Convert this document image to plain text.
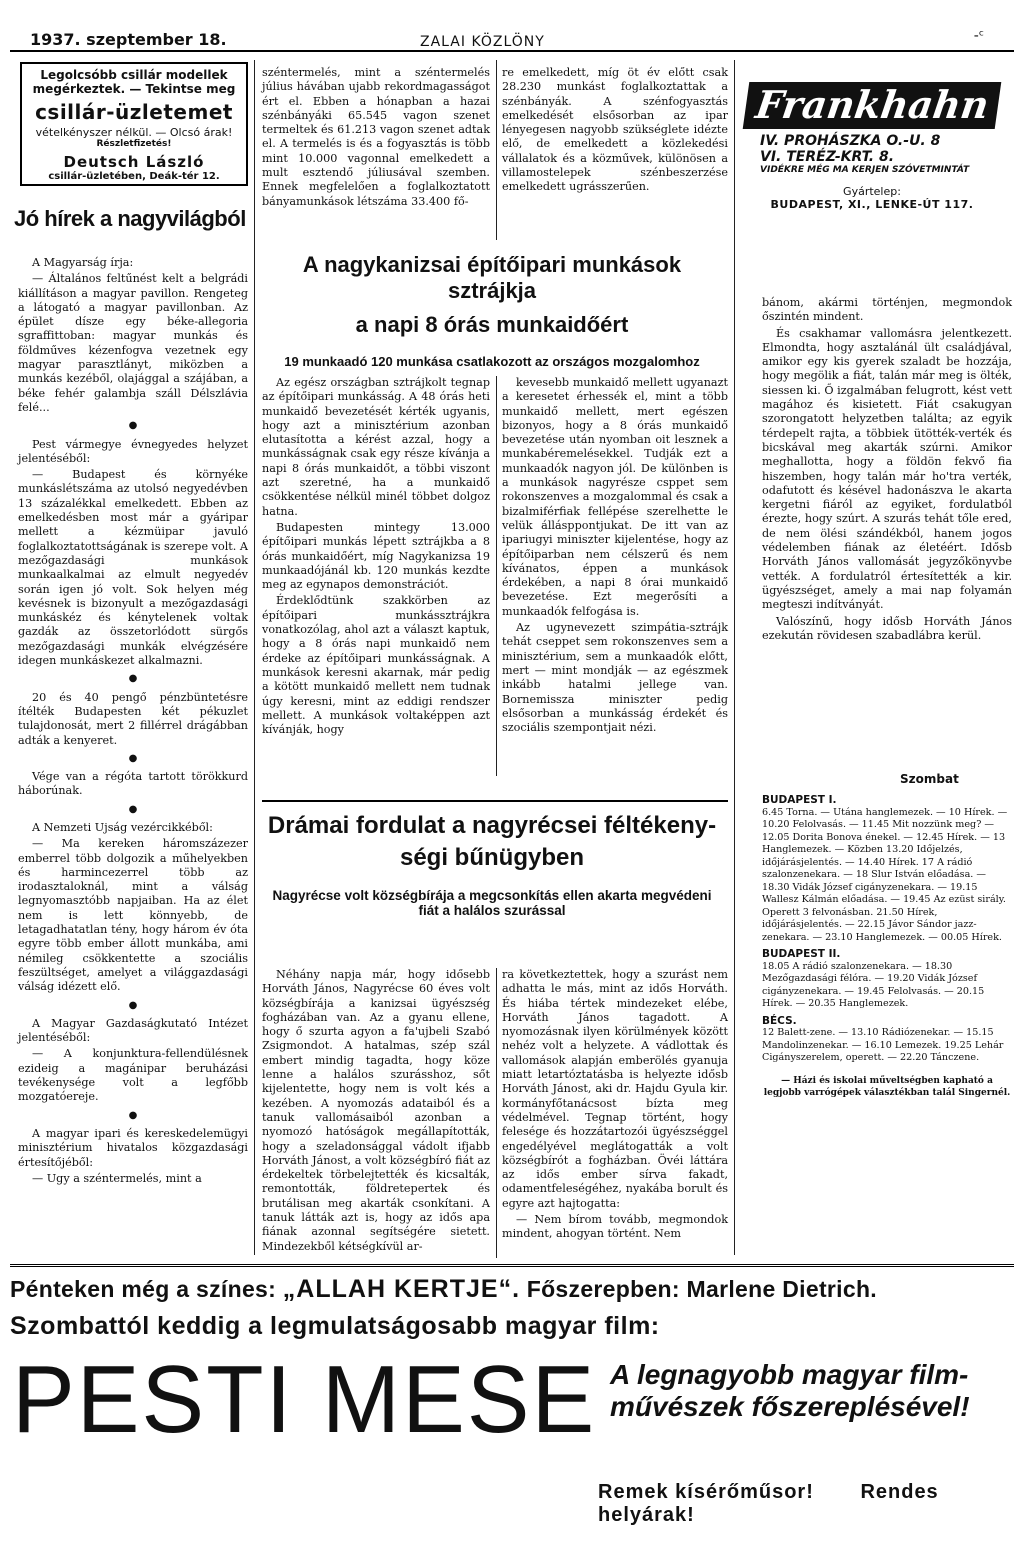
1937. szeptember 18.	ZALAI KÖZLÖNY	-ᶜ
Legolcsóbb csillár modellek megérkeztek. — Tekintse meg
csillár-üzletemet
vételkényszer nélkül. — Olcsó árak!
Részletfizetés!
Deutsch László
csillár-üzletében, Deák-tér 12.
Jó hírek a nagyvilágból

A Magyarság írja:

— Általános feltűnést kelt a belgrádi kiállításon a magyar pavillon. Rengeteg a látogató a magyar pavillonban. Az épület dísze egy béke-allegoria sgraffittoban: magyar munkás és földműves kézenfogva vezetnek egy magyar parasztlányt, miközben a munkás kezéből, olajággal a szájában, a béke fehér galambja száll Délszlávia felé...

●

Pest vármegye évnegyedes helyzet jelentéséből:

— Budapest és környéke munkáslétszáma az utolsó negyedévben 13 százalékkal emelkedett. Ebben az emelkedésben most már a gyáripar mellett a kézmüipar javuló foglalkoztatottságának is szerepe volt. A mezőgazdasági munkások munkaalkalmai az elmult negyedév során igen jó volt. Sok helyen még kevésnek is bizonyult a mezőgazdasági munkáskéz és kénytelenek voltak gazdák az összetorlódott sürgős mezőgazdasági munkák elvégzésére idegen munkáskezet alkalmazni.

●

20 és 40 pengő pénzbüntetésre ítélték Budapesten két pékuzlet tulajdonosát, mert 2 fillérrel drágábban adták a kenyeret.

●

Vége van a régóta tartott törökkurd háborúnak.

●

A Nemzeti Ujság vezércikkéből:

— Ma kereken háromszázezer emberrel több dolgozik a műhelyekben és harmincezerrel több az irodasztaloknál, mint a válság legnyomasztóbb napjaiban. Ha az élet nem is lett könnyebb, de letagadhatatlan tény, hogy három év óta egyre több ember állott munkába, ami némileg csökkentette a szociális feszültséget, amelyet a világgazdasági válság idézett elő.

●

A Magyar Gazdaságkutató Intézet jelentéséből:

— A konjunktura-fellendülésnek ezideig a magánipar beruházási tevékenysége volt a legfőbb mozgatóereje.

●

A magyar ipari és kereskedelemügyi minisztérium hivatalos közgazdasági értesítőjéből:

— Ugy a széntermelés, mint a

széntermelés, mint a széntermelés július hávában ujabb rekordmagasságot ért el. Ebben a hónapban a hazai szénbányáki 65.545 vagon szenet termeltek és 61.213 vagon szenet adtak el. A termelés is és a fogyasztás is több mint 10.000 vagonnal emelkedett a mult esztendő júliusával szemben. Ennek megfelelően a foglalkoztatott bányamunkások létszáma 33.400 fő-

re emelkedett, míg öt év előtt csak 28.230 munkást foglalkoztattak a szénbányák. A szénfogyasztás emelkedését elsősorban az ipar lényegesen nagyobb szükséglete idézte elő, de emelkedett a közlekedési vállalatok és a közművek, különösen a villamostelepek szénbeszerzése emelkedett ugrásszerűen.

Frankhahn
IV. PROHÁSZKA O.-U. 8
VI. TERÉZ-KRT. 8.
VIDÉKRE MÉG MA KERJEN SZÓVETMINTÁT
Gyártelep:
BUDAPEST, XI., LENKE-ÚT 117.
A nagykanizsai építőipari munkások sztrájkja
a napi 8 órás munkaidőért
19 munkaadó 120 munkása csatlakozott az országos mozgalomhoz

Az egész országban sztrájkolt tegnap az építőipari munkásság. A 48 órás heti munkaidő bevezetését kérték ugyanis, hogy azt a minisztérium azonban elutasította a kérést azzal, hogy a munkásságnak csak egy része kívánja a napi 8 órás munkaidőt, a többi viszont azt szeretné, ha a munkaidő csökkentése nélkül minél többet dolgoz hatna.

Budapesten mintegy 13.000 építőipari munkás lépett sztrájkba a 8 órás munkaidőért, míg Nagykanizsa 19 munkaadójánál kb. 120 munkás kezdte meg az egynapos demonstrációt.

Érdeklődtünk szakkörben az építőipari munkássztrájkra vonatkozólag, ahol azt a választ kaptuk, hogy a 8 órás napi munkaidő nem érdeke az építőipari munkásságnak. A munkások keresni akarnak, már pedig a kötött munkaidő mellett nem tudnak úgy keresni, mint az eddigi rendszer mellett. A munkások voltaképpen azt kívánják, hogy

kevesebb munkaidő mellett ugyanazt a keresetet érhessék el, mint a több munkaidő mellett, mert egészen bizonyos, hogy a 8 órás munkaidő bevezetése után nyomban oit lesznek a munkabéremelésekkel. Tudják ezt a munkaadók nagyon jól. De különben is a munkások nagyrésze csppet sem rokonszenves a mozgalommal és csak a bizalmiférfiak fellépése szerelhette le velük állásppontjukat. De itt van az ipariugyi miniszter kijelentése, hogy az építőiparban nem célszerű és nem kívánatos, éppen a munkások érdekében, a napi 8 órai munkaidő bevezetése. Ezt megerősíti a munkaadók felfogása is.

Az ugynevezett szimpátia-sztrájk tehát cseppet sem rokonszenves sem a minisztérium, sem a munkaadók előtt, mert — mint mondják — az egészmek inkább hatalmi jellege van. Bornemissza miniszter pedig elsősorban a munkásság érdekét és szociális szempontjait nézi.

bánom, akármi történjen, megmondok őszintén mindent.

És csakhamar vallomásra jelentkezett. Elmondta, hogy asztalánál ült családjával, amikor egy kis gyerek szaladt be hozzája, hogy megölik a fiát, talán már meg is ölték, siessen ki. Ő izgalmában felugrott, kést vett magához és kisietett. Fiát csakugyan szorongatott helyzetben találta; az egyik térdepelt rajta, a többiek ütötték-verték és bicskával meg akarták szúrni. Amikor meghallotta, hogy a földön fekvő fia hiszemben, hogy talán már ho'tra verték, odafutott és késével hadonászva le akarta kergetni fiáról az egyiket, fordulatból érezte, hogy szúrt. A szurás tehát tőle ered, de nem ölési szándékból, hanem jogos védelemben fiának az életéért. Idősb Horváth János vallomását jegyzőkönyvbe vették. A fordulatról értesítették a kir. ügyészséget, amely a mai nap folyamán megteszi indítványát.

Valószínű, hogy idősb Horváth János ezekután rövidesen szabadlábra kerül.

Drámai fordulat a nagyrécsei féltékeny-
ségi bűnügyben
Nagyrécse volt községbírája a megcsonkítás ellen akarta megvédeni fiát a halálos szurással

Néhány napja már, hogy idősebb Horváth János, Nagyrécse 60 éves volt községbírája a kanizsai ügyészség fogházában van. Az a gyanu ellene, hogy ő szurta agyon a fa'ujbeli Szabó Zsigmondot. A hatalmas, szép szál embert mindig tagadta, hogy köze lenne a halálos szurásshoz, sőt kijelentette, hogy nem is volt kés a kezében. A nyomozás adataiból és a tanuk vallomásaiból azonban a nyomozó hatóságok megállapították, hogy a szeladonsággal vádolt ifjabb Horváth Jánost, a volt községbíró fiát az érdekeltek törbelejtették és kicsalták, remontották, földretepertek és brutálisan meg akarták csonkítani. A tanuk látták azt is, hogy az idős apa fiának azonnal segítségére sietett. Mindezekből kétségkívül ar-

ra következtettek, hogy a szurást nem adhatta le más, mint az idős Horváth. És hiába tértek mindezeket elébe, Horváth János tagadott. A nyomozásnak ilyen körülmények között nehéz volt a helyzete. A vádlottak és vallomások alapján emberölés gyanuja miatt letartóztatásba is helyezte idősb Horváth Jánost, aki dr. Hajdu Gyula kir. kormányfőtanácsost bízta meg védelmével. Tegnap történt, hogy felesége és hozzátartozói ügyészséggel engedélyével meglátogatták a volt községbírót a fogházban. Övéi láttára az idős ember sírva fakadt, odamentfeleségéhez, nyakába borult és egyre azt hajtogatta:

— Nem bírom tovább, megmondok mindent, ahogyan történt. Nem

Szombat
BUDAPEST I.
6.45 Torna. — Utána hanglemezek. — 10 Hírek. — 10.20 Felolvasás. — 11.45 Mit nozzünk meg? — 12.05 Dorita Bonova énekel. — 12.45 Hírek. — 13 Hanglemezek. — Közben 13.20 Időjelzés, időjárásjelentés. — 14.40 Hírek. 17 A rádió szalonzenekara. — 18 Slur István előadása. — 18.30 Vidák József cigányzenekara. — 19.15 Wallesz Kálmán előadása. — 19.45 Az ezüst sirály. Operett 3 felvonásban. 21.50 Hírek, időjárásjelentés. — 22.15 Jávor Sándor jazz-zenekara. — 23.10 Hanglemezek. — 00.05 Hírek.
BUDAPEST II.
18.05 A rádió szalonzenekara. — 18.30 Mezőgazdasági félóra. — 19.20 Vidák József cigányzenekara. — 19.45 Felolvasás. — 20.15 Hírek. — 20.35 Hanglemezek.
BÉCS.
12 Balett-zene. — 13.10 Rádiózenekar. — 15.15 Mandolinzenekar. — 16.10 Lemezek. 19.25 Lehár Cigányszerelem, operett. — 22.20 Tánczene.
— Házi és iskolai műveltségben kapható a legjobb varrógépek választékban talál Singernél.
Pénteken még a színes: „ALLAH KERTJE“. Főszerepben: Marlene Dietrich.
Szombattól keddig a legmulatságosabb magyar film:
PESTI MESE A legnagyobb magyar film-
művészek főszereplésével!
Remek kísérőműsor! Rendes helyárak!
